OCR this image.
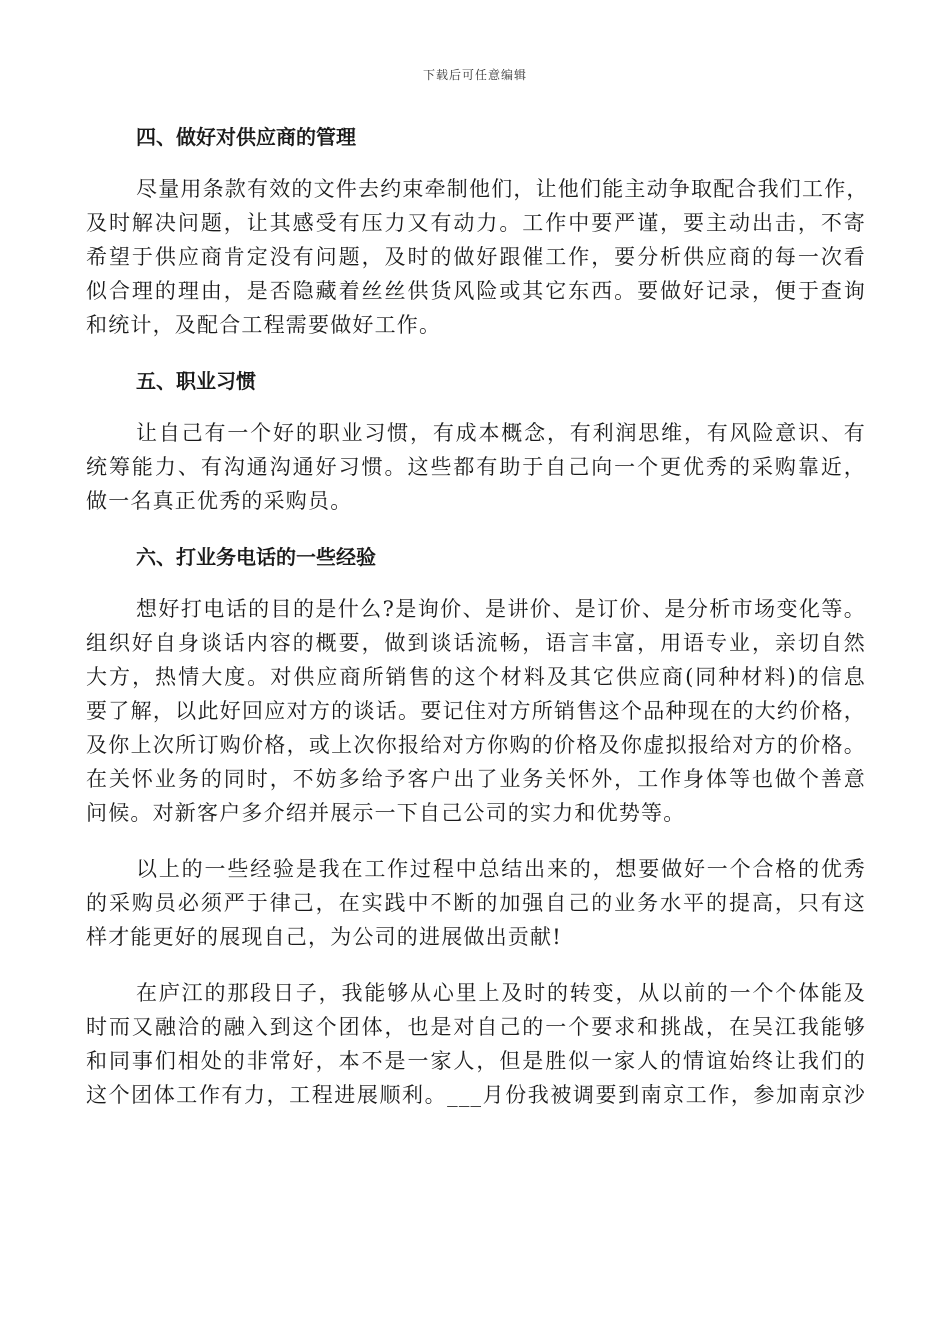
下载后可任意编辑
四、做好对供应商的管理
尽量用条款有效的文件去约束牵制他们，让他们能主动争取配合我们工作，
及时解决问题，让其感受有压力又有动力。工作中要严谨，要主动出击，不寄
希望于供应商肯定没有问题，及时的做好跟催工作，要分析供应商的每一次看
似合理的理由，是否隐藏着丝丝供货风险或其它东西。要做好记录，便于查询
和统计，及配合工程需要做好工作。
五、职业习惯
让自己有一个好的职业习惯，有成本概念，有利润思维，有风险意识、有
统筹能力、有沟通沟通好习惯。这些都有助于自己向一个更优秀的采购靠近，
做一名真正优秀的采购员。
六、打业务电话的一些经验
想好打电话的目的是什么?是询价、是讲价、是订价、是分析市场变化等。
组织好自身谈话内容的概要，做到谈话流畅，语言丰富，用语专业，亲切自然
大方，热情大度。对供应商所销售的这个材料及其它供应商(同种材料)的信息
要了解，以此好回应对方的谈话。要记住对方所销售这个品种现在的大约价格，
及你上次所订购价格，或上次你报给对方你购的价格及你虚拟报给对方的价格。
在关怀业务的同时，不妨多给予客户出了业务关怀外，工作身体等也做个善意
问候。对新客户多介绍并展示一下自己公司的实力和优势等。
以上的一些经验是我在工作过程中总结出来的，想要做好一个合格的优秀
的采购员必须严于律己，在实践中不断的加强自己的业务水平的提高，只有这
样才能更好的展现自己，为公司的进展做出贡献!
在庐江的那段日子，我能够从心里上及时的转变，从以前的一个个体能及
时而又融洽的融入到这个团体，也是对自己的一个要求和挑战，在吴江我能够
和同事们相处的非常好，本不是一家人，但是胜似一家人的情谊始终让我们的
这个团体工作有力，工程进展顺利。___月份我被调要到南京工作，参加南京沙
